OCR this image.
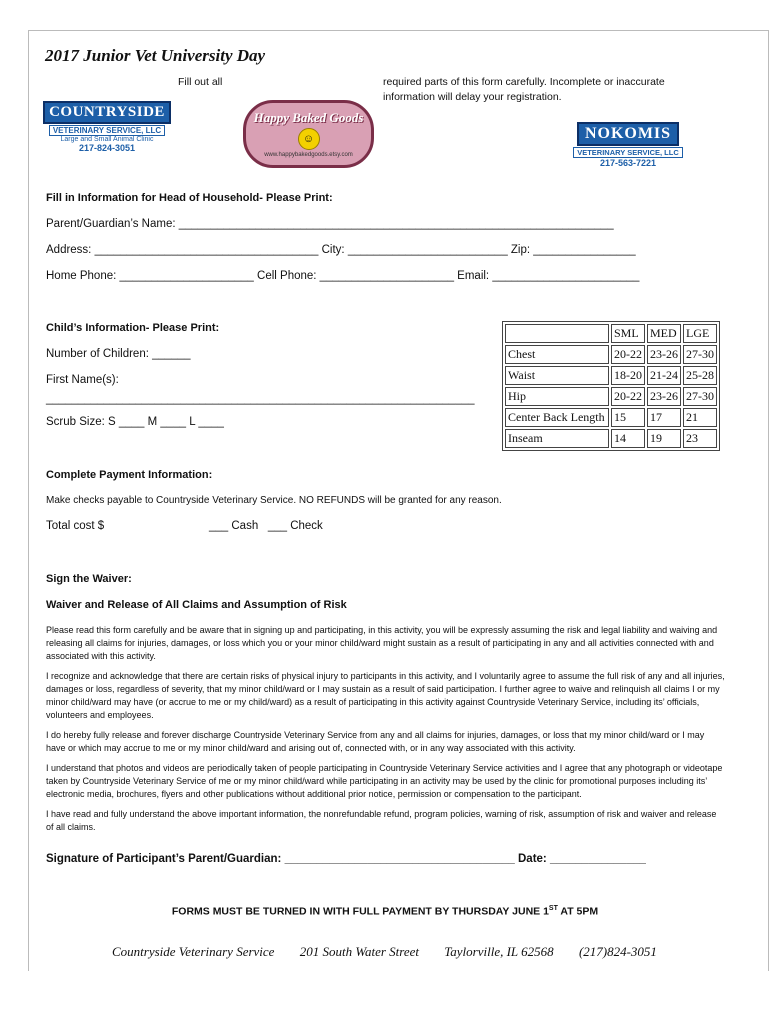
2017 Junior Vet University Day
Fill out all	required parts of this form carefully. Incomplete or inaccurate
information will delay your registration.
COUNTRYSIDE
VETERINARY SERVICE, LLC
Large and Small Animal Clinic
217-824-3051
Happy Baked Goods
☺
www.happybakedgoods.etsy.com
NOKOMIS
VETERINARY SERVICE, LLC
217-563-7221
Fill in Information for Head of Household- Please Print:
Parent/Guardian’s Name: ____________________________________________________________________
Address: ___________________________________ City: _________________________ Zip: ________________
Home Phone: _____________________ Cell Phone: _____________________ Email: _______________________
Child’s Information- Please Print:
Number of Children: ______
First Name(s):
___________________________________________________________________
Scrub Size: S ____ M ____ L ____
	SML	MED	LGE
Chest	20-22	23-26	27-30
Waist	18-20	21-24	25-28
Hip	20-22	23-26	27-30
Center Back Length	15	17	21
Inseam	14	19	23
Complete Payment Information:
Make checks payable to Countryside Veterinary Service. NO REFUNDS will be granted for any reason.
Total cost $	___ Cash   ___ Check
Sign the Waiver:
Waiver and Release of All Claims and Assumption of Risk

Please read this form carefully and be aware that in signing up and participating, in this activity, you will be expressly assuming the risk and legal liability and waiving and releasing all claims for injuries, damages, or loss which you or your minor child/ward might sustain as a result of participating in any and all activities connected with and associated with this activity.

I recognize and acknowledge that there are certain risks of physical injury to participants in this activity, and I voluntarily agree to assume the full risk of any and all injuries, damages or loss, regardless of severity, that my minor child/ward or I may sustain as a result of said participation. I further agree to waive and relinquish all claims I or my minor child/ward may have (or accrue to me or my child/ward) as a result of participating in this activity against Countryside Veterinary Service, including its’ officials, volunteers and employees.

I do hereby fully release and forever discharge Countryside Veterinary Service from any and all claims for injuries, damages, or loss that my minor child/ward or I may have or which may accrue to me or my minor child/ward and arising out of, connected with, or in any way associated with this activity.

I understand that photos and videos are periodically taken of people participating in Countryside Veterinary Service activities and I agree that any photograph or videotape taken by Countryside Veterinary Service of me or my minor child/ward while participating in an activity may be used by the clinic for promotional purposes including its’ electronic media, brochures, flyers and other publications without additional prior notice, permission or compensation to the participant.

I have read and fully understand the above important information, the nonrefundable refund, program policies, warning of risk, assumption of risk and waiver and release of all claims.

Signature of Participant’s Parent/Guardian: ____________________________________ Date: _______________
FORMS MUST BE TURNED IN WITH FULL PAYMENT BY THURSDAY JUNE 1ST AT 5PM
Countryside Veterinary Service 201 South Water Street Taylorville, IL 62568 (217)824-3051
